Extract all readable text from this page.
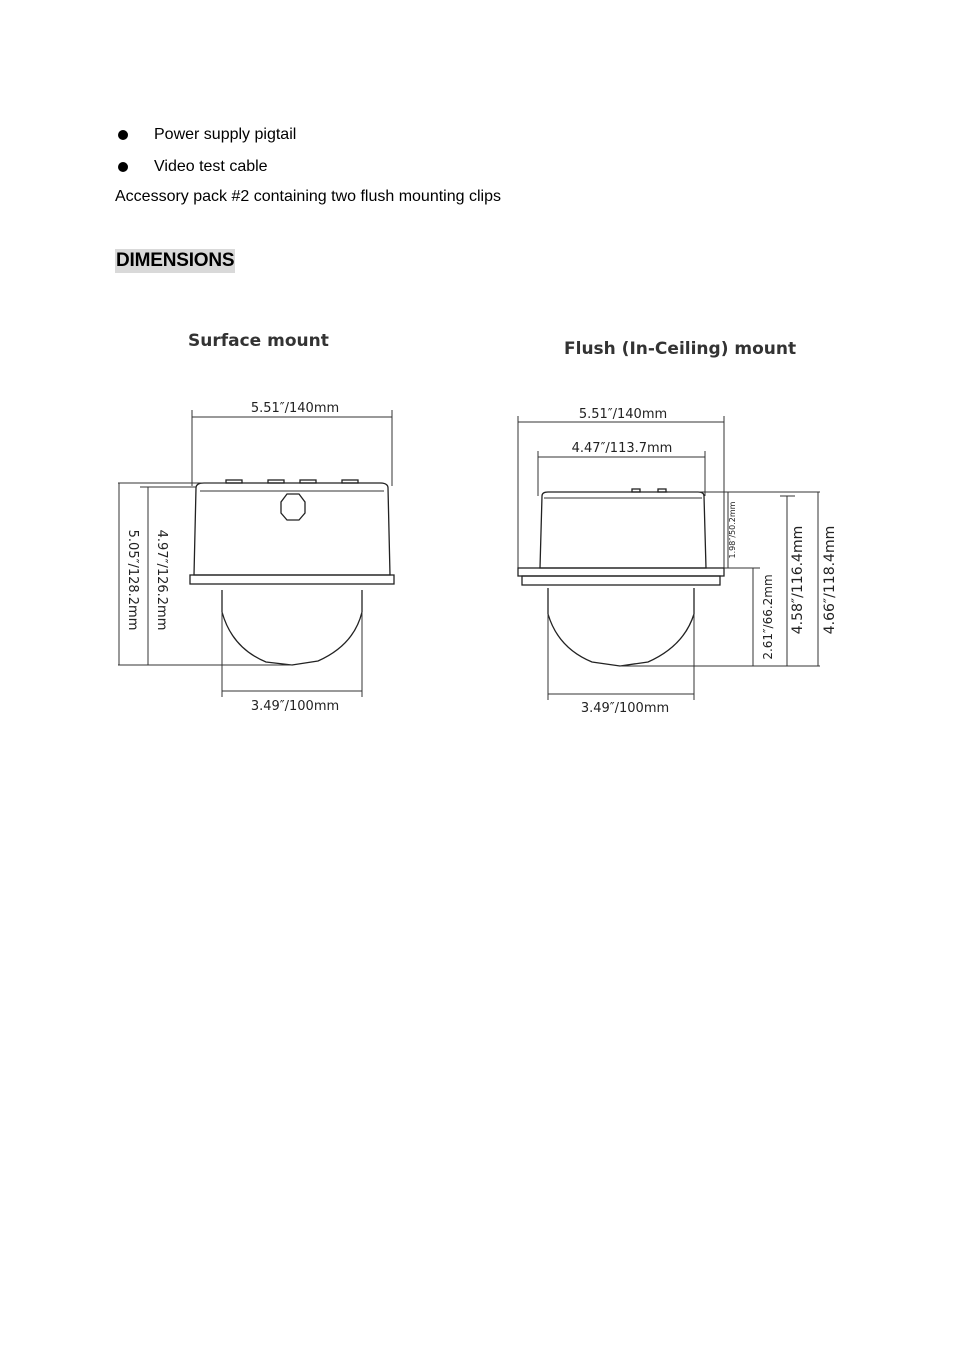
Power supply pigtail
Video test cable
Accessory pack #2 containing two flush mounting clips
DIMENSIONS
Surface mount
5.51″/140mm
5.05″/128.2mm 4.97″/126.2mm
3.49″/100mm
Flush (In-Ceiling) mount
5.51″/140mm
4.47″/113.7mm
1.98″/50.2mm
2.61″/66.2mm 4.58″/116.4mm 4.66″/118.4mm
3.49″/100mm
